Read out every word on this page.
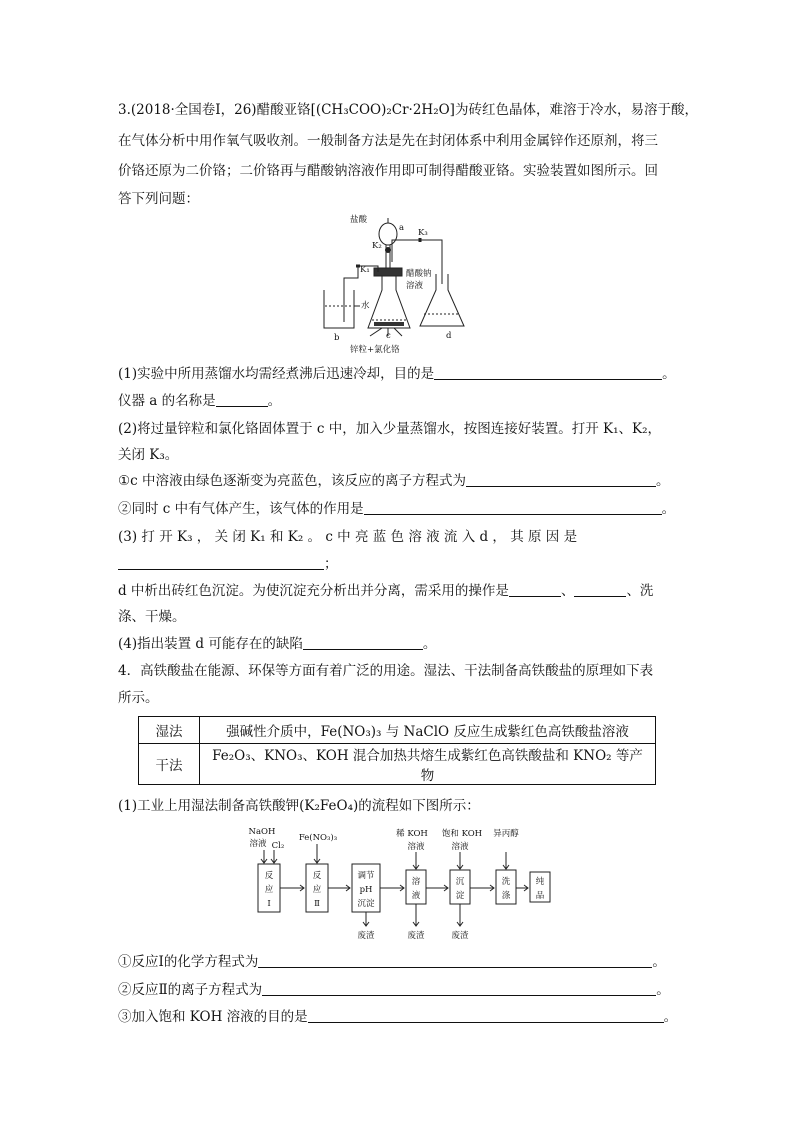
3.(2018·全国卷Ⅰ，26)醋酸亚铬[(CH₃COO)₂Cr·2H₂O]为砖红色晶体，难溶于冷水，易溶于酸，
在气体分析中用作氧气吸收剂。一般制备方法是先在封闭体系中利用金属锌作还原剂，将三
价铬还原为二价铬；二价铬再与醋酸钠溶液作用即可制得醋酸亚铬。实验装置如图所示。回
答下列问题：
盐酸
a
K₂
K₃
K₁	醋酸钠
溶液
水
b	c	d
锌粒+氯化铬
(1)实验中所用蒸馏水均需经煮沸后迅速冷却，目的是	。
仪器 a 的名称是	。
(2)将过量锌粒和氯化铬固体置于 c 中，加入少量蒸馏水，按图连接好装置。打开 K₁、K₂，
关闭 K₃。
①c 中溶液由绿色逐渐变为亮蓝色，该反应的离子方程式为	。
②同时 c 中有气体产生，该气体的作用是	。
(3) 打 开 K₃ ， 关 闭 K₁ 和 K₂ 。 c 中 亮 蓝 色 溶 液 流 入 d ， 其 原 因 是
；
d 中析出砖红色沉淀。为使沉淀充分析出并分离，需采用的操作是	、	、洗
涤、干燥。
(4)指出装置 d 可能存在的缺陷	。
4．高铁酸盐在能源、环保等方面有着广泛的用途。湿法、干法制备高铁酸盐的原理如下表
所示。
湿法	强碱性介质中，Fe(NO₃)₃ 与 NaClO 反应生成紫红色高铁酸盐溶液
干法	Fe₂O₃、KNO₃、KOH 混合加热共熔生成紫红色高铁酸盐和 KNO₂ 等产物
(1)工业上用湿法制备高铁酸钾(K₂FeO₄)的流程如下图所示：
NaOH
溶液 Cl₂
Fe(NO₃)₃	稀 KOH
溶液
饱和 KOH
溶液
异丙醇
反
应
Ⅰ
反
应
Ⅱ
调节
pH
沉淀
溶
液
沉
淀
洗
涤
纯
品
废渣	废渣	废渣
①反应Ⅰ的化学方程式为	。
②反应Ⅱ的离子方程式为	。
③加入饱和 KOH 溶液的目的是	。
